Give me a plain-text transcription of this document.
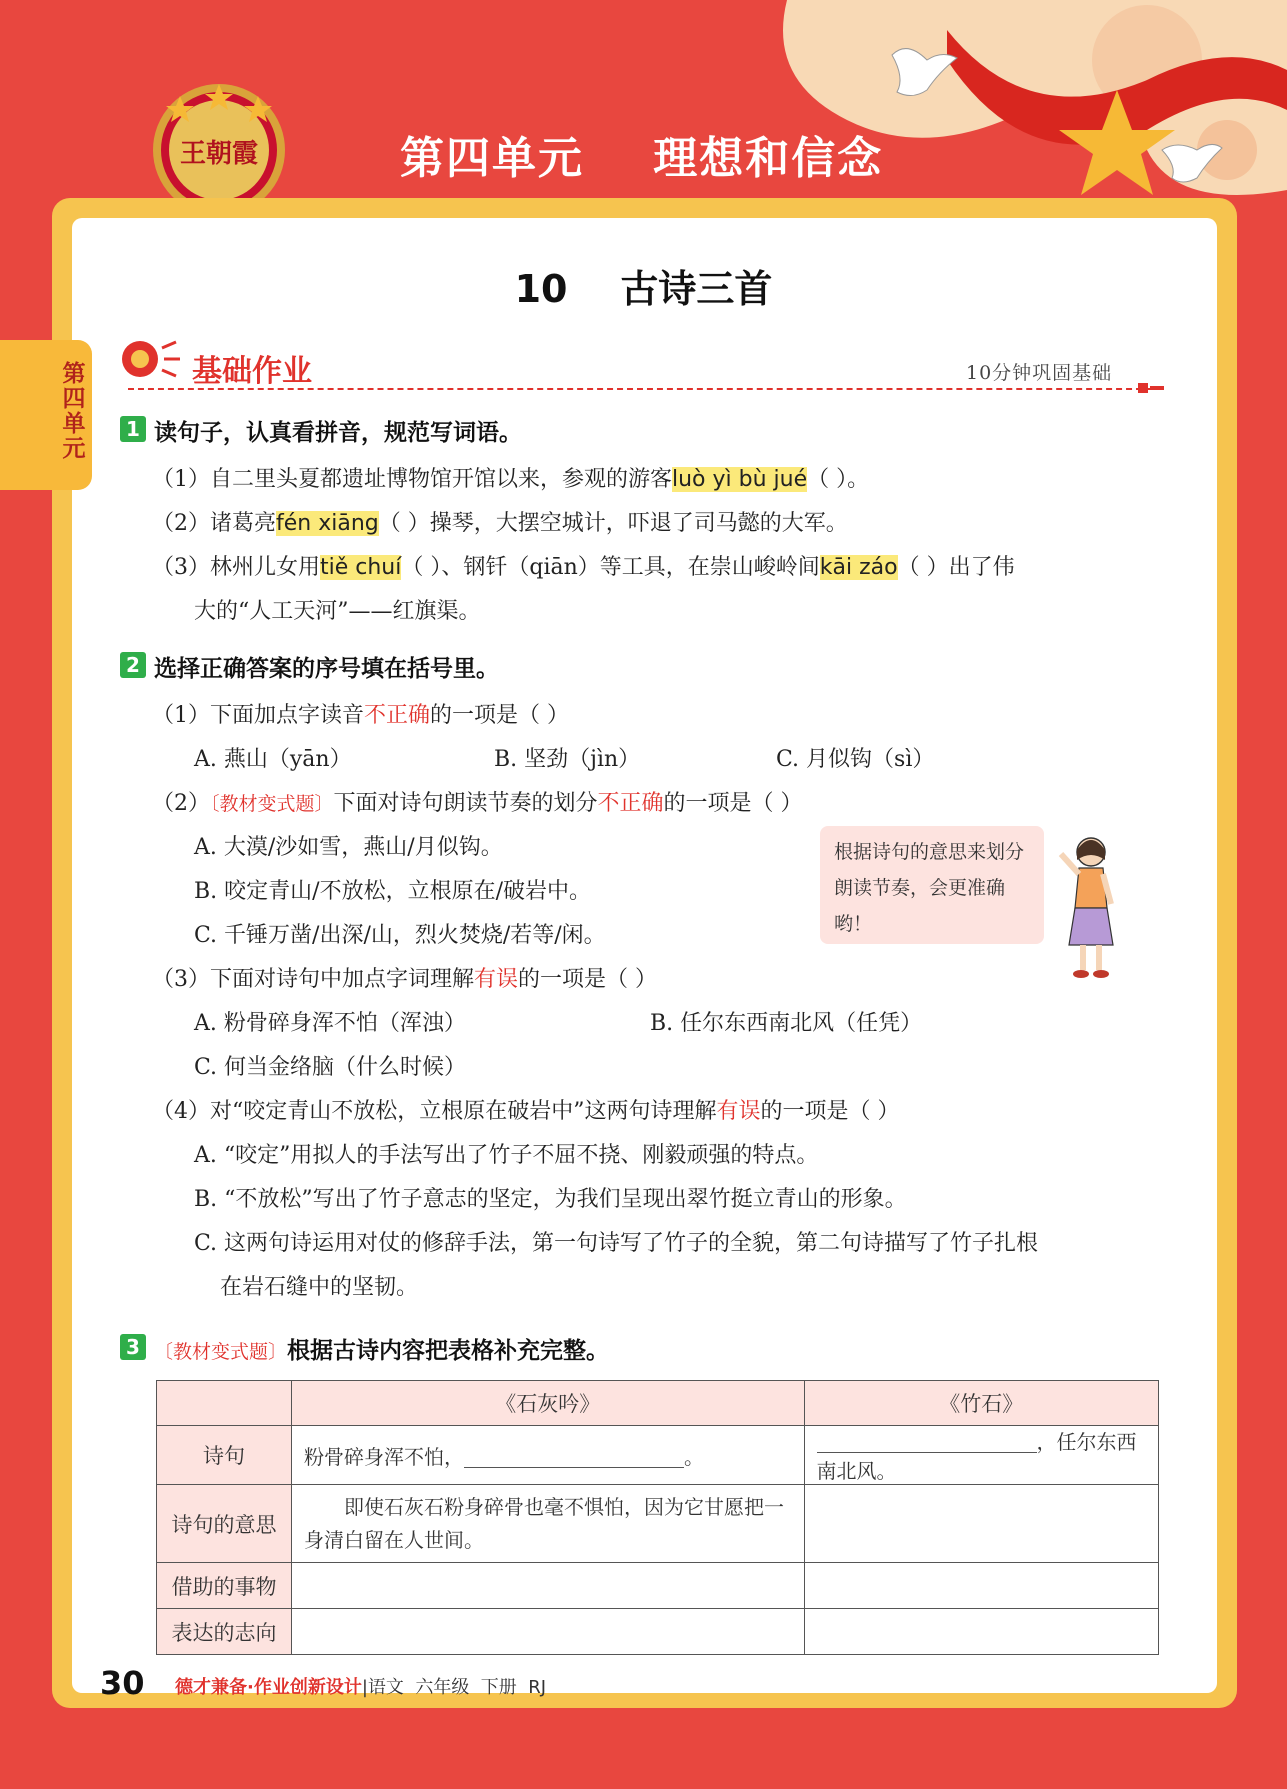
王朝霞	第四单元    理想和信念
第四单元
10    古诗三首
基础作业	10分钟巩固基础
1 读句子，认真看拼音，规范写词语。
（1）自二里头夏都遗址博物馆开馆以来，参观的游客luò yì bù jué（ ）。
（2）诸葛亮fén xiāng（ ）操琴，大摆空城计，吓退了司马懿的大军。
（3）林州儿女用tiě chuí（ ）、钢钎（qiān）等工具，在崇山峻岭间kāi záo（ ）出了伟
大的“人工天河”——红旗渠。
2 选择正确答案的序号填在括号里。
（1）下面加点字读音不正确的一项是（ ）
A. 燕山（yān）	B. 坚劲（jìn）	C. 月似钩（sì）
（2）〔教材变式题〕下面对诗句朗读节奏的划分不正确的一项是（ ）
A. 大漠/沙如雪，燕山/月似钩。
B. 咬定青山/不放松，立根原在/破岩中。
C. 千锤万凿/出深/山，烈火焚烧/若等/闲。
根据诗句的意思来划分朗读节奏，会更准确哟！
（3）下面对诗句中加点字词理解有误的一项是（ ）
A. 粉骨碎身浑不怕（浑浊）	B. 任尔东西南北风（任凭）
C. 何当金络脑（什么时候）
（4）对“咬定青山不放松，立根原在破岩中”这两句诗理解有误的一项是（ ）
A. “咬定”用拟人的手法写出了竹子不屈不挠、刚毅顽强的特点。
B. “不放松”写出了竹子意志的坚定，为我们呈现出翠竹挺立青山的形象。
C. 这两句诗运用对仗的修辞手法，第一句诗写了竹子的全貌，第二句诗描写了竹子扎根
在岩石缝中的坚韧。
3 〔教材变式题〕根据古诗内容把表格补充完整。
	《石灰吟》	《竹石》
诗句	粉骨碎身浑不怕， 。	，任尔东西南北风。
诗句的意思	即使石灰石粉身碎骨也毫不惧怕，因为它甘愿把一身清白留在人世间。	
借助的事物		
表达的志向		
30 德才兼备·作业创新设计|语文  六年级  下册  RJ
